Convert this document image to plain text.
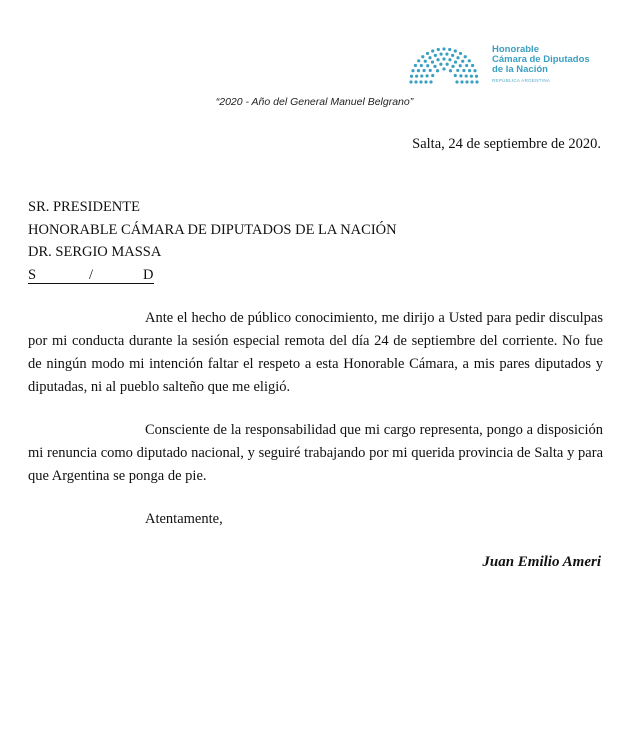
Honorable
Cámara de Diputados
de la Nación
REPÚBLICA ARGENTINA
“2020 - Año del General Manuel Belgrano”
Salta, 24 de septiembre de 2020.
SR. PRESIDENTE
HONORABLE CÁMARA DE DIPUTADOS DE LA NACIÓN
DR. SERGIO MASSA
S	/	D
Ante el hecho de público conocimiento, me dirijo a Usted para pedir disculpas por mi conducta durante la sesión especial remota del día 24 de septiembre del corriente. No fue de ningún modo mi intención faltar el respeto a esta Honorable Cámara, a mis pares diputados y diputadas, ni al pueblo salteño que me eligió.
Consciente de la responsabilidad que mi cargo representa, pongo a disposición mi renuncia como diputado nacional, y seguiré trabajando por mi querida provincia de Salta y para que Argentina se ponga de pie.
Atentamente,
Juan Emilio Ameri
